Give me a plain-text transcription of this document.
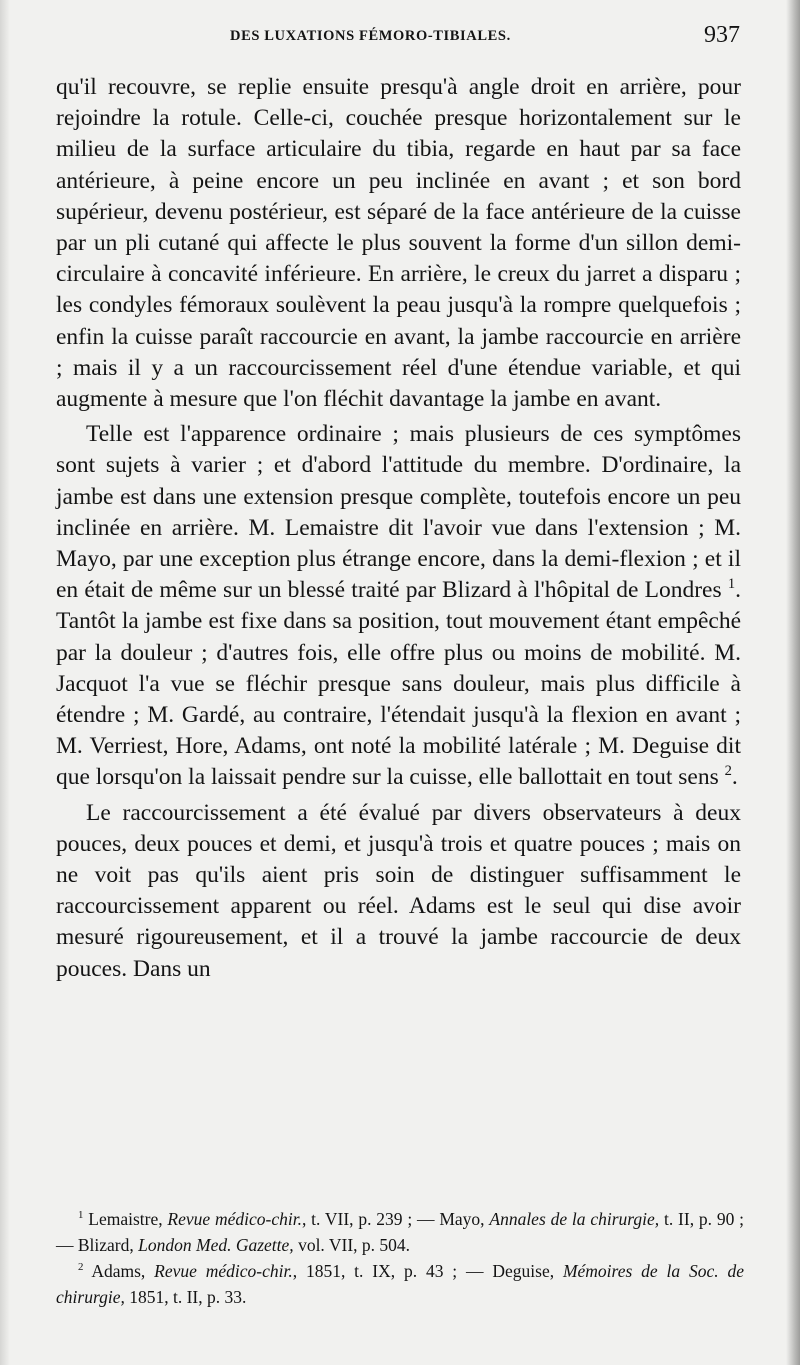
DES LUXATIONS FÉMORO-TIBIALES.	937

qu'il recouvre, se replie ensuite presqu'à angle droit en arrière, pour rejoindre la rotule. Celle-ci, couchée presque horizontalement sur le milieu de la surface articulaire du tibia, regarde en haut par sa face antérieure, à peine encore un peu inclinée en avant ; et son bord supérieur, devenu postérieur, est séparé de la face antérieure de la cuisse par un pli cutané qui affecte le plus souvent la forme d'un sillon demi-circulaire à concavité inférieure. En arrière, le creux du jarret a disparu ; les condyles fémoraux soulèvent la peau jusqu'à la rompre quelquefois ; enfin la cuisse paraît raccourcie en avant, la jambe raccourcie en arrière ; mais il y a un raccourcissement réel d'une étendue variable, et qui augmente à mesure que l'on fléchit davantage la jambe en avant.

Telle est l'apparence ordinaire ; mais plusieurs de ces symptômes sont sujets à varier ; et d'abord l'attitude du membre. D'ordinaire, la jambe est dans une extension presque complète, toutefois encore un peu inclinée en arrière. M. Lemaistre dit l'avoir vue dans l'extension ; M. Mayo, par une exception plus étrange encore, dans la demi-flexion ; et il en était de même sur un blessé traité par Blizard à l'hôpital de Londres $^1$. Tantôt la jambe est fixe dans sa position, tout mouvement étant empêché par la douleur ; d'autres fois, elle offre plus ou moins de mobilité. M. Jacquot l'a vue se fléchir presque sans douleur, mais plus difficile à étendre ; M. Gardé, au contraire, l'étendait jusqu'à la flexion en avant ; M. Verriest, Hore, Adams, ont noté la mobilité latérale ; M. Deguise dit que lorsqu'on la laissait pendre sur la cuisse, elle ballottait en tout sens $^2$.

Le raccourcissement a été évalué par divers observateurs à deux pouces, deux pouces et demi, et jusqu'à trois et quatre pouces ; mais on ne voit pas qu'ils aient pris soin de distinguer suffisamment le raccourcissement apparent ou réel. Adams est le seul qui dise avoir mesuré rigoureusement, et il a trouvé la jambe raccourcie de deux pouces. Dans un

$^1$ Lemaistre, Revue médico-chir., t. VII, p. 239 ; — Mayo, Annales de la chirurgie, t. II, p. 90 ; — Blizard, London Med. Gazette, vol. VII, p. 504.

$^2$ Adams, Revue médico-chir., 1851, t. IX, p. 43 ; — Deguise, Mémoires de la Soc. de chirurgie, 1851, t. II, p. 33.
